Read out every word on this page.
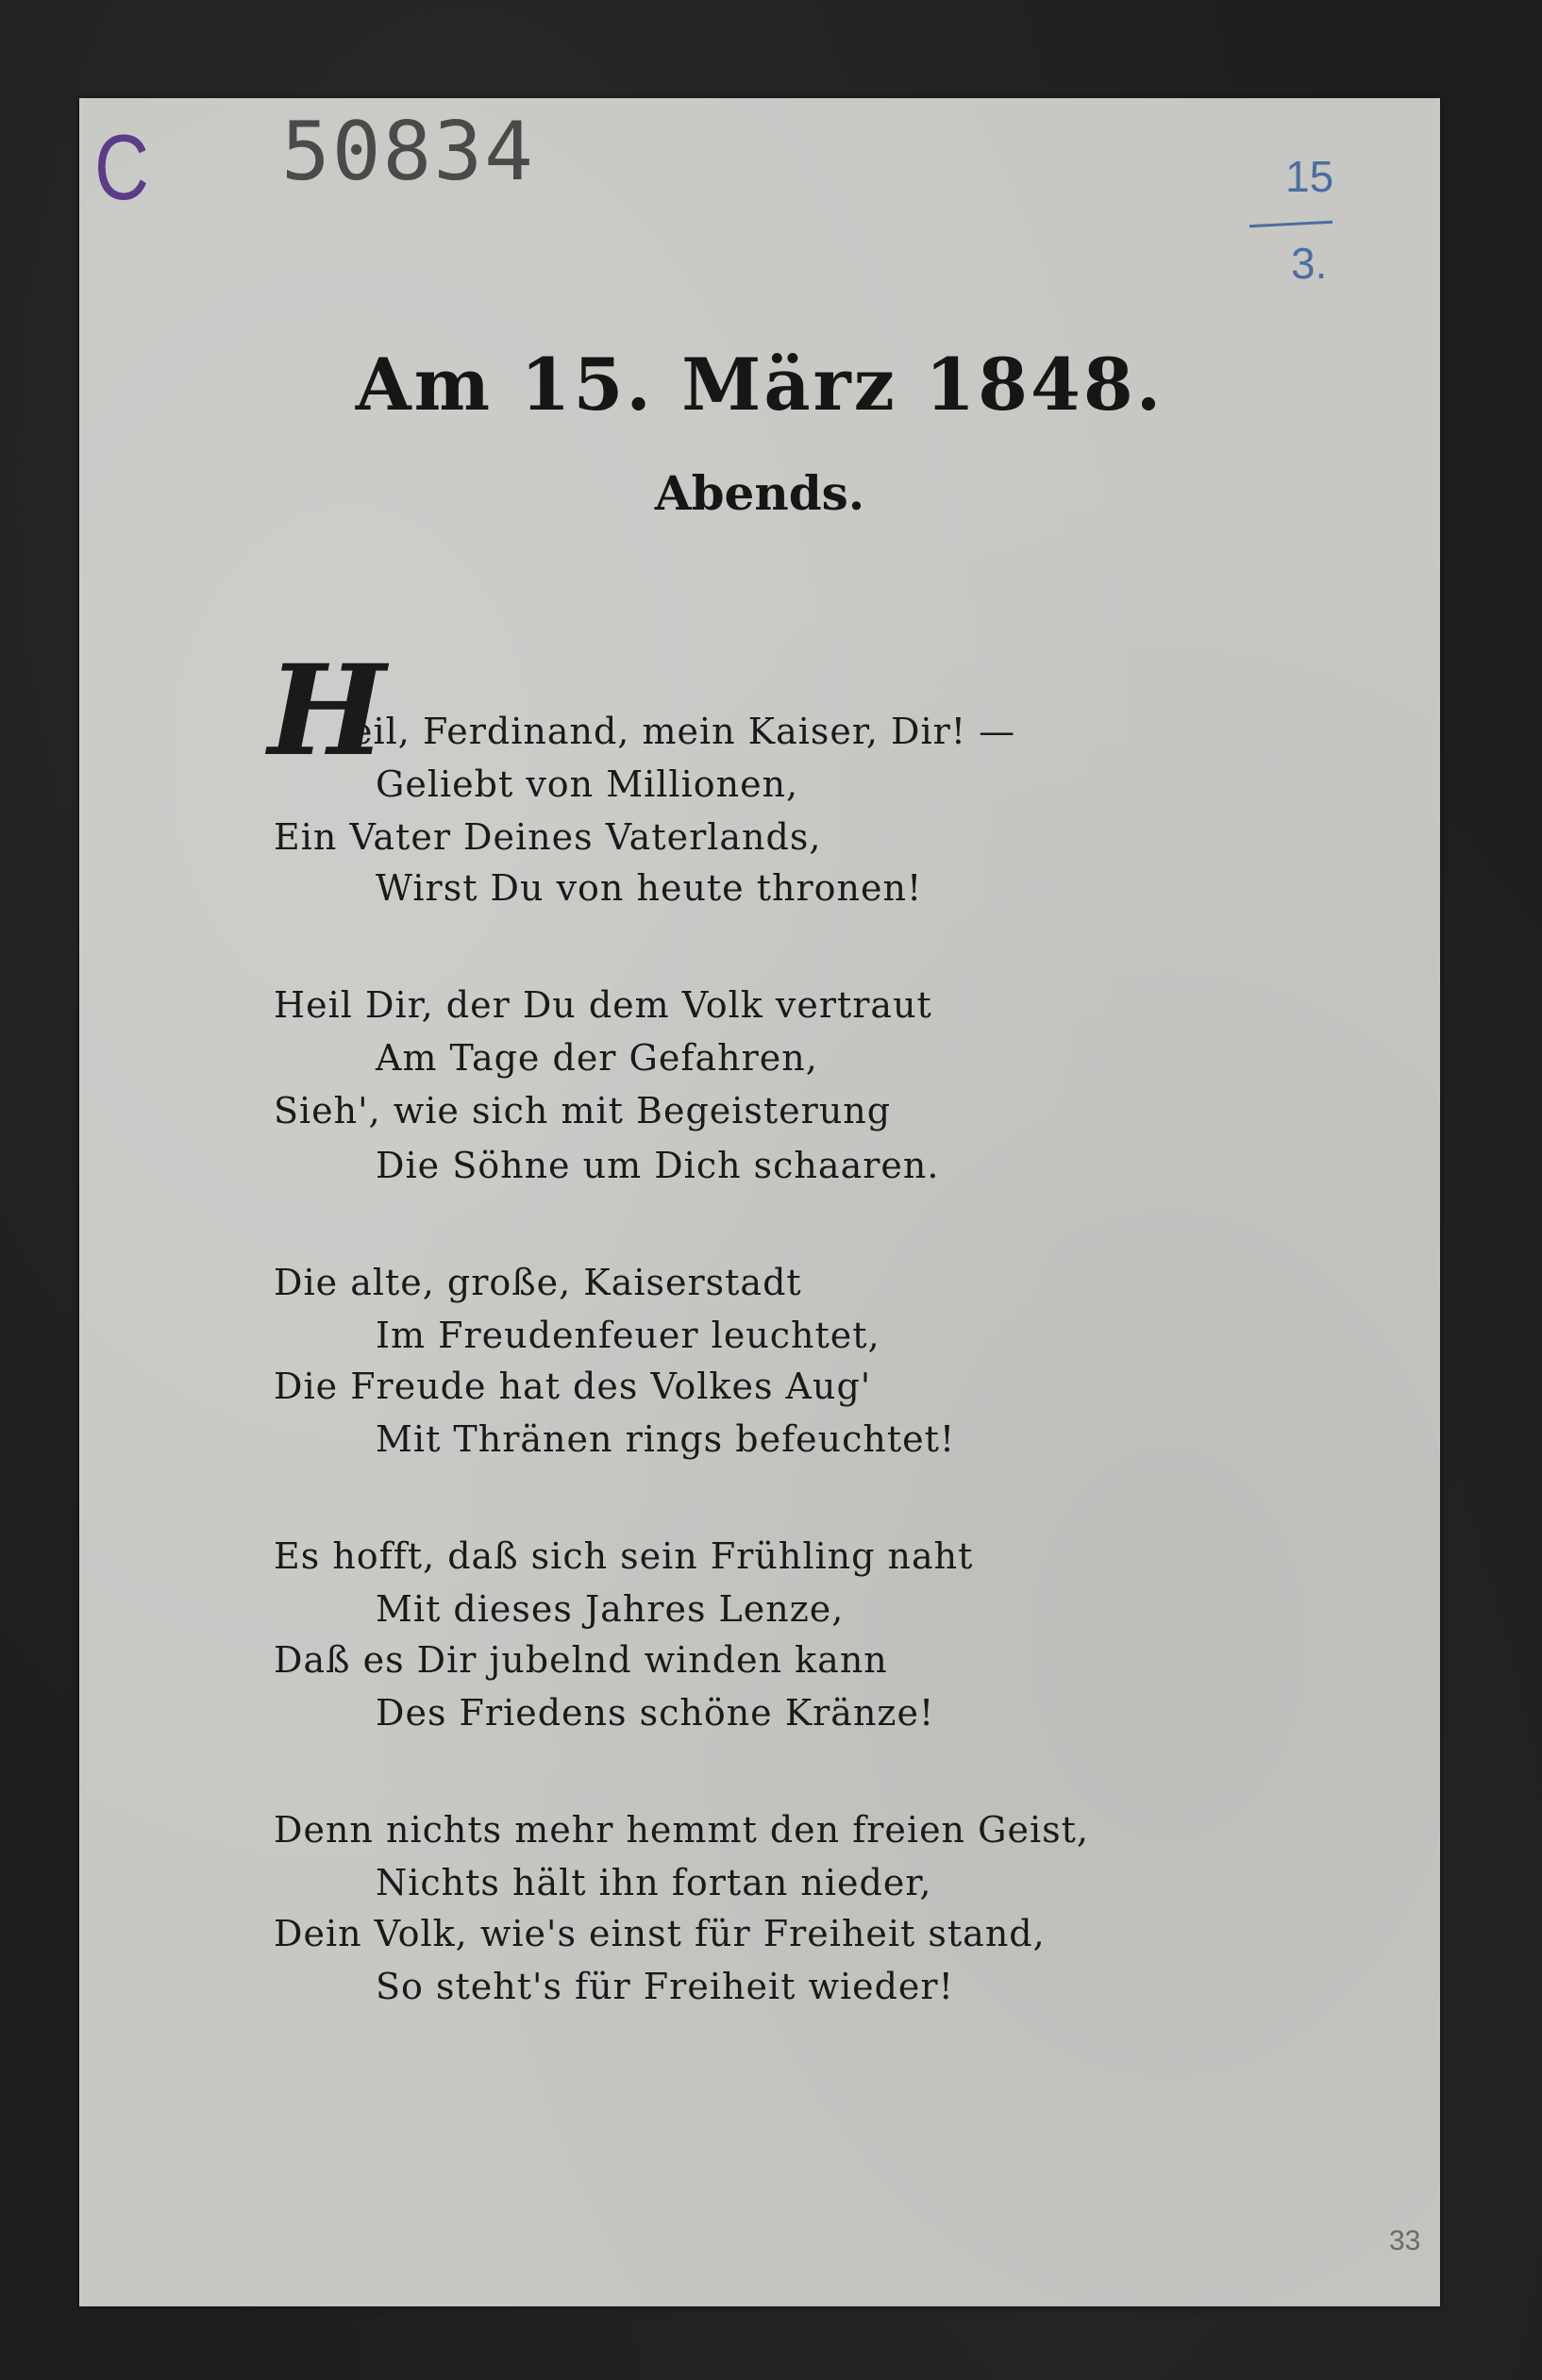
C 50834	15
3.
33
Am 15. März 1848.
Abends.
H
eil, Ferdinand, mein Kaiser, Dir! —
Geliebt von Millionen,
Ein Vater Deines Vaterlands,
Wirst Du von heute thronen!
Heil Dir, der Du dem Volk vertraut
Am Tage der Gefahren,
Sieh', wie sich mit Begeisterung
Die Söhne um Dich schaaren.
Die alte, große, Kaiserstadt
Im Freudenfeuer leuchtet,
Die Freude hat des Volkes Aug'
Mit Thränen rings befeuchtet!
Es hofft, daß sich sein Frühling naht
Mit dieses Jahres Lenze,
Daß es Dir jubelnd winden kann
Des Friedens schöne Kränze!
Denn nichts mehr hemmt den freien Geist,
Nichts hält ihn fortan nieder,
Dein Volk, wie's einst für Freiheit stand,
So steht's für Freiheit wieder!
